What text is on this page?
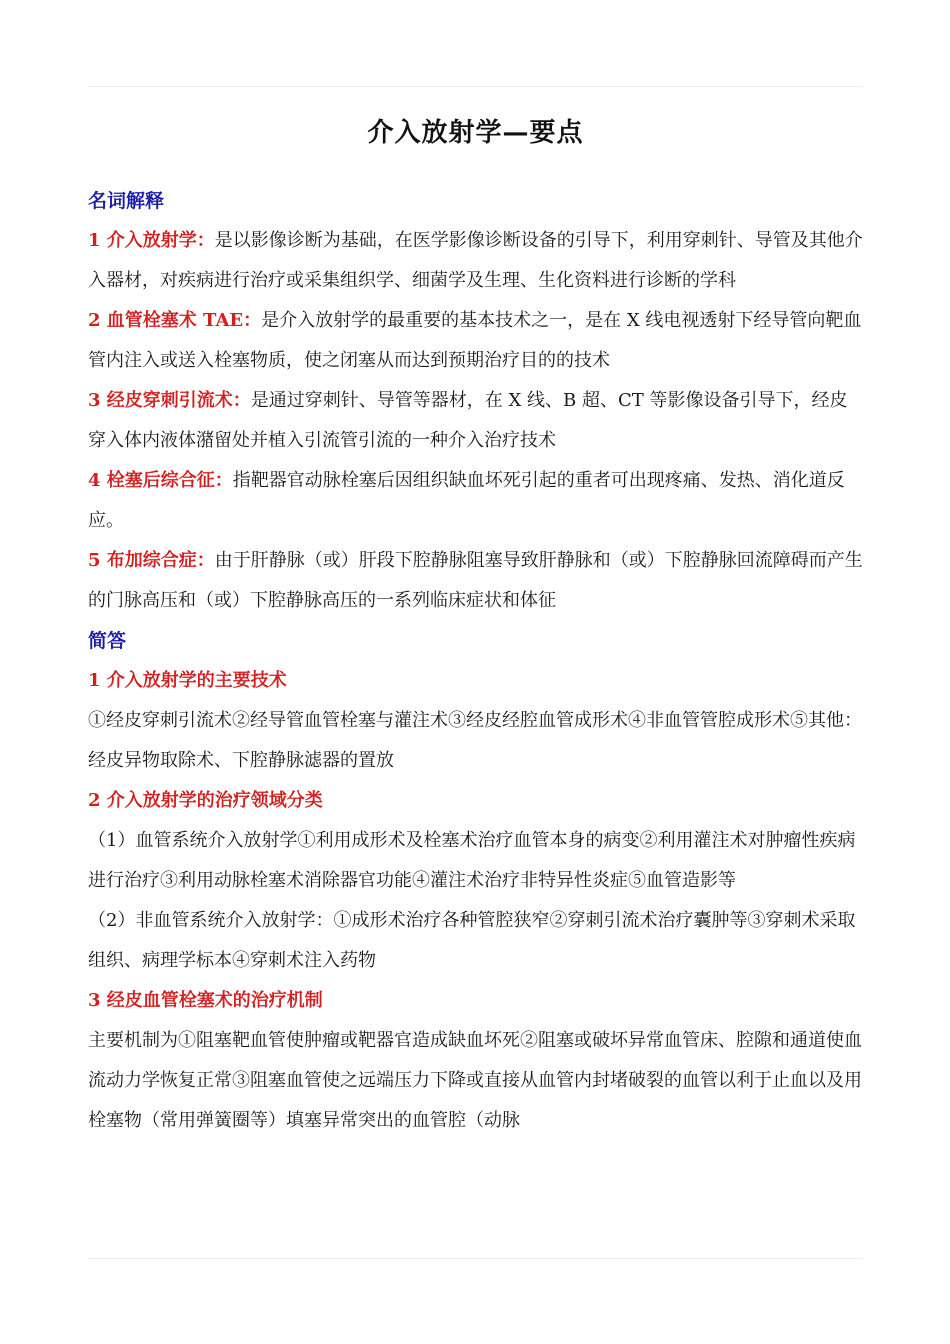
介入放射学—要点

名词解释

1 介入放射学：是以影像诊断为基础，在医学影像诊断设备的引导下，利用穿刺针、导管及其他介入器材，对疾病进行治疗或采集组织学、细菌学及生理、生化资料进行诊断的学科

2 血管栓塞术 TAE：是介入放射学的最重要的基本技术之一，是在 X 线电视透射下经导管向靶血管内注入或送入栓塞物质，使之闭塞从而达到预期治疗目的的技术

3 经皮穿刺引流术：是通过穿刺针、导管等器材，在 X 线、B 超、CT 等影像设备引导下，经皮穿入体内液体潴留处并植入引流管引流的一种介入治疗技术

4 栓塞后综合征：指靶器官动脉栓塞后因组织缺血坏死引起的重者可出现疼痛、发热、消化道反应。

5 布加综合症：由于肝静脉（或）肝段下腔静脉阻塞导致肝静脉和（或）下腔静脉回流障碍而产生的门脉高压和（或）下腔静脉高压的一系列临床症状和体征

简答

1 介入放射学的主要技术

①经皮穿刺引流术②经导管血管栓塞与灌注术③经皮经腔血管成形术④非血管管腔成形术⑤其他：经皮异物取除术、下腔静脉滤器的置放

2 介入放射学的治疗领域分类

（1）血管系统介入放射学①利用成形术及栓塞术治疗血管本身的病变②利用灌注术对肿瘤性疾病进行治疗③利用动脉栓塞术消除器官功能④灌注术治疗非特异性炎症⑤血管造影等

（2）非血管系统介入放射学：①成形术治疗各种管腔狭窄②穿刺引流术治疗囊肿等③穿刺术采取组织、病理学标本④穿刺术注入药物

3 经皮血管栓塞术的治疗机制

主要机制为①阻塞靶血管使肿瘤或靶器官造成缺血坏死②阻塞或破坏异常血管床、腔隙和通道使血流动力学恢复正常③阻塞血管使之远端压力下降或直接从血管内封堵破裂的血管以利于止血以及用栓塞物（常用弹簧圈等）填塞异常突出的血管腔（动脉
